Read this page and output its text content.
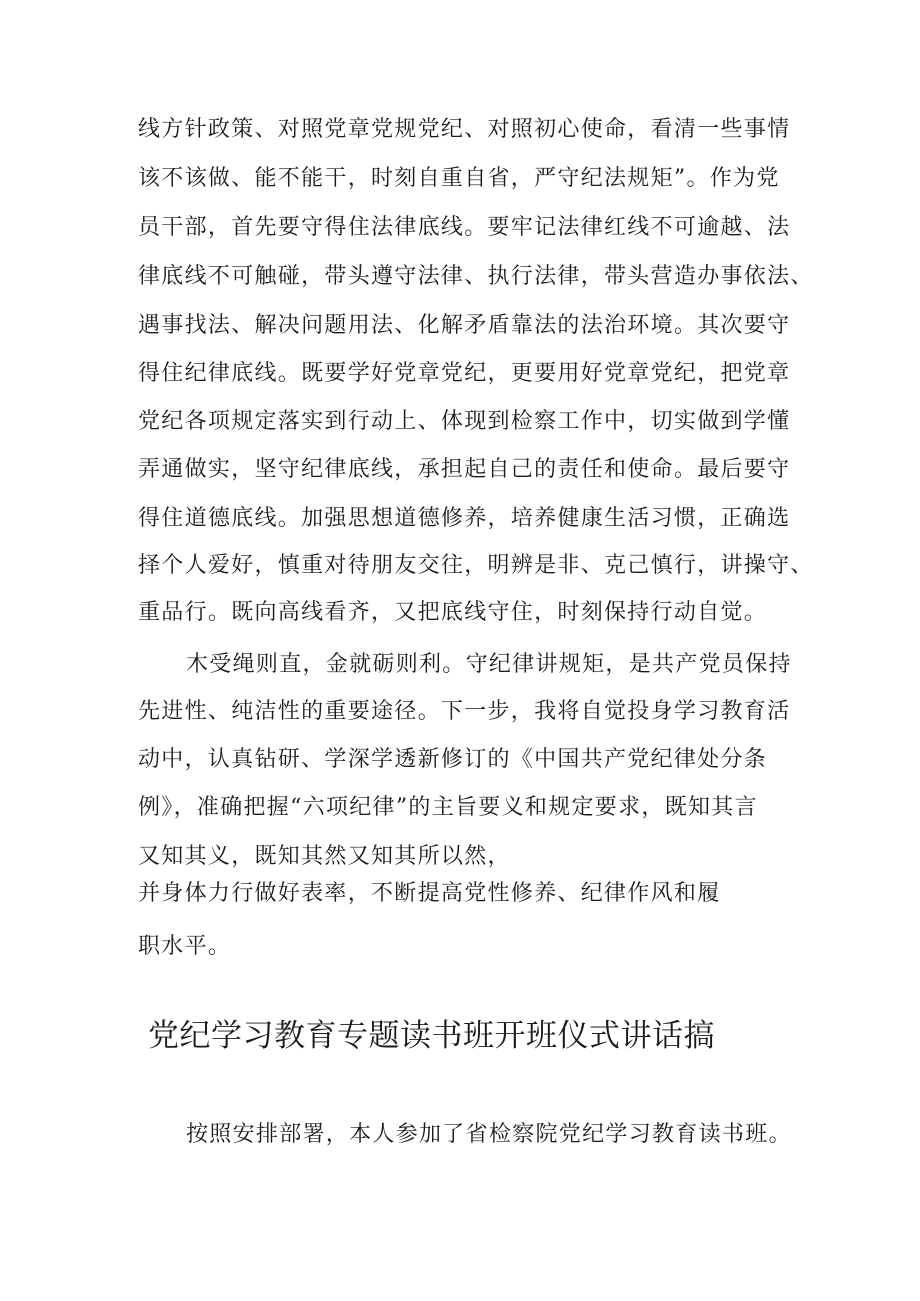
线方针政策、对照党章党规党纪、对照初心使命，看清一些事情
该不该做、能不能干，时刻自重自省，严守纪法规矩”。作为党
员干部，首先要守得住法律底线。要牢记法律红线不可逾越、法
律底线不可触碰，带头遵守法律、执行法律，带头营造办事依法、
遇事找法、解决问题用法、化解矛盾靠法的法治环境。其次要守
得住纪律底线。既要学好党章党纪，更要用好党章党纪，把党章
党纪各项规定落实到行动上、体现到检察工作中，切实做到学懂
弄通做实，坚守纪律底线，承担起自己的责任和使命。最后要守
得住道德底线。加强思想道德修养，培养健康生活习惯，正确选
择个人爱好，慎重对待朋友交往，明辨是非、克己慎行，讲操守、
重品行。既向高线看齐，又把底线守住，时刻保持行动自觉。
木受绳则直，金就砺则利。守纪律讲规矩，是共产党员保持
先进性、纯洁性的重要途径。下一步，我将自觉投身学习教育活
动中，认真钻研、学深学透新修订的《中国共产党纪律处分条
例》，准确把握“六项纪律”的主旨要义和规定要求，既知其言
又知其义，既知其然又知其所以然，
并身体力行做好表率，不断提高党性修养、纪律作风和履
职水平。
党纪学习教育专题读书班开班仪式讲话搞
按照安排部署，本人参加了省检察院党纪学习教育读书班。
